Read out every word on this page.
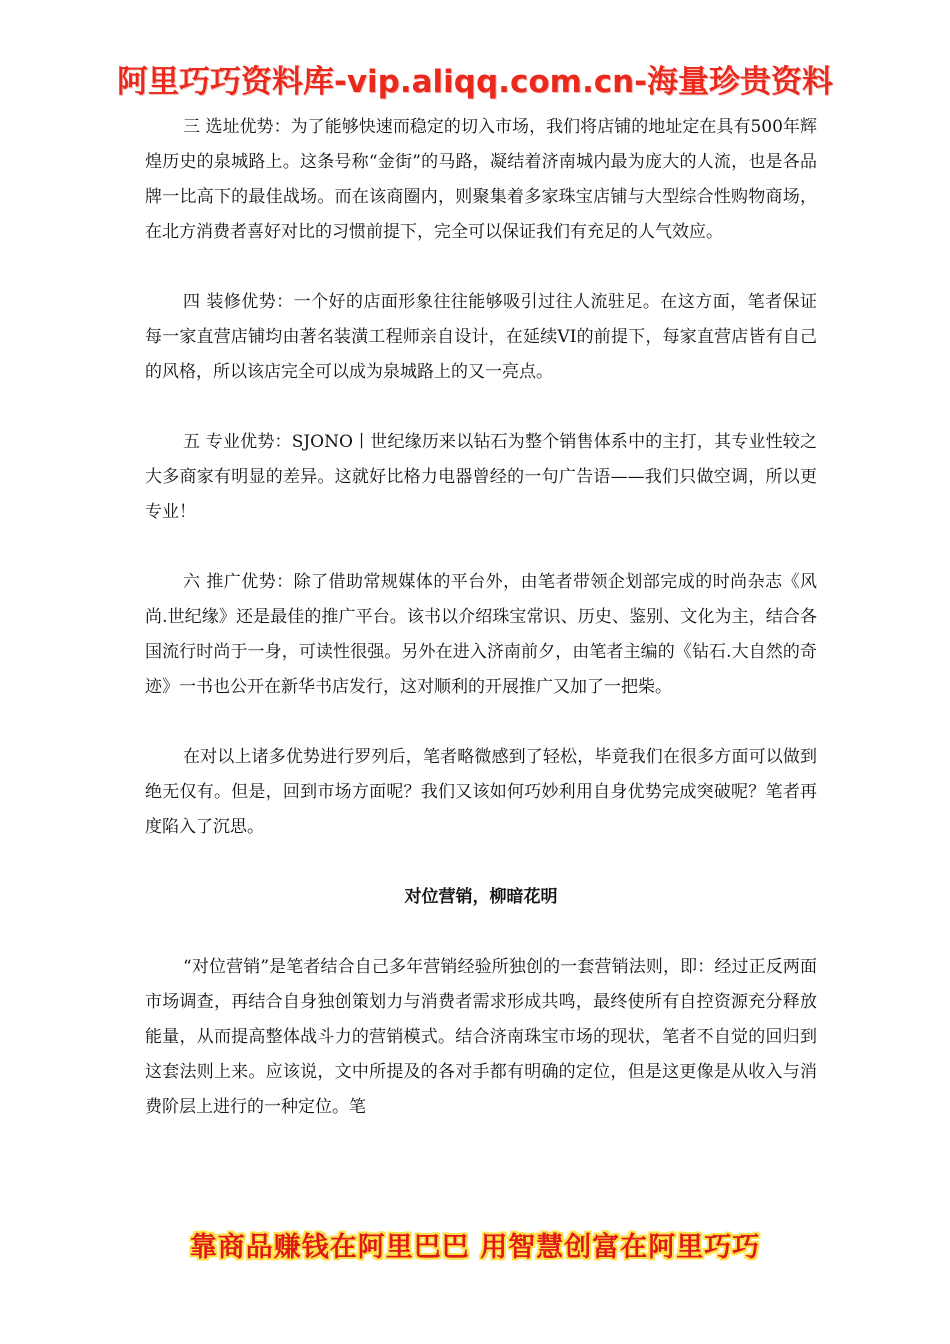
阿里巧巧资料库-vip.aliqq.com.cn-海量珍贵资料

三 选址优势：为了能够快速而稳定的切入市场，我们将店铺的地址定在具有500年辉煌历史的泉城路上。这条号称“金街”的马路，凝结着济南城内最为庞大的人流，也是各品牌一比高下的最佳战场。而在该商圈内，则聚集着多家珠宝店铺与大型综合性购物商场，在北方消费者喜好对比的习惯前提下，完全可以保证我们有充足的人气效应。

四 装修优势：一个好的店面形象往往能够吸引过往人流驻足。在这方面，笔者保证每一家直营店铺均由著名装潢工程师亲自设计，在延续VI的前提下，每家直营店皆有自己的风格，所以该店完全可以成为泉城路上的又一亮点。

五 专业优势：SJONO丨世纪缘历来以钻石为整个销售体系中的主打，其专业性较之大多商家有明显的差异。这就好比格力电器曾经的一句广告语——我们只做空调，所以更专业！

六 推广优势：除了借助常规媒体的平台外，由笔者带领企划部完成的时尚杂志《风尚.世纪缘》还是最佳的推广平台。该书以介绍珠宝常识、历史、鉴别、文化为主，结合各国流行时尚于一身，可读性很强。另外在进入济南前夕，由笔者主编的《钻石.大自然的奇迹》一书也公开在新华书店发行，这对顺利的开展推广又加了一把柴。

在对以上诸多优势进行罗列后，笔者略微感到了轻松，毕竟我们在很多方面可以做到绝无仅有。但是，回到市场方面呢？我们又该如何巧妙利用自身优势完成突破呢？笔者再度陷入了沉思。

对位营销，柳暗花明

“对位营销”是笔者结合自己多年营销经验所独创的一套营销法则，即：经过正反两面市场调查，再结合自身独创策划力与消费者需求形成共鸣，最终使所有自控资源充分释放能量，从而提高整体战斗力的营销模式。结合济南珠宝市场的现状，笔者不自觉的回归到这套法则上来。应该说，文中所提及的各对手都有明确的定位，但是这更像是从收入与消费阶层上进行的一种定位。笔

靠商品赚钱在阿里巴巴 用智慧创富在阿里巧巧
